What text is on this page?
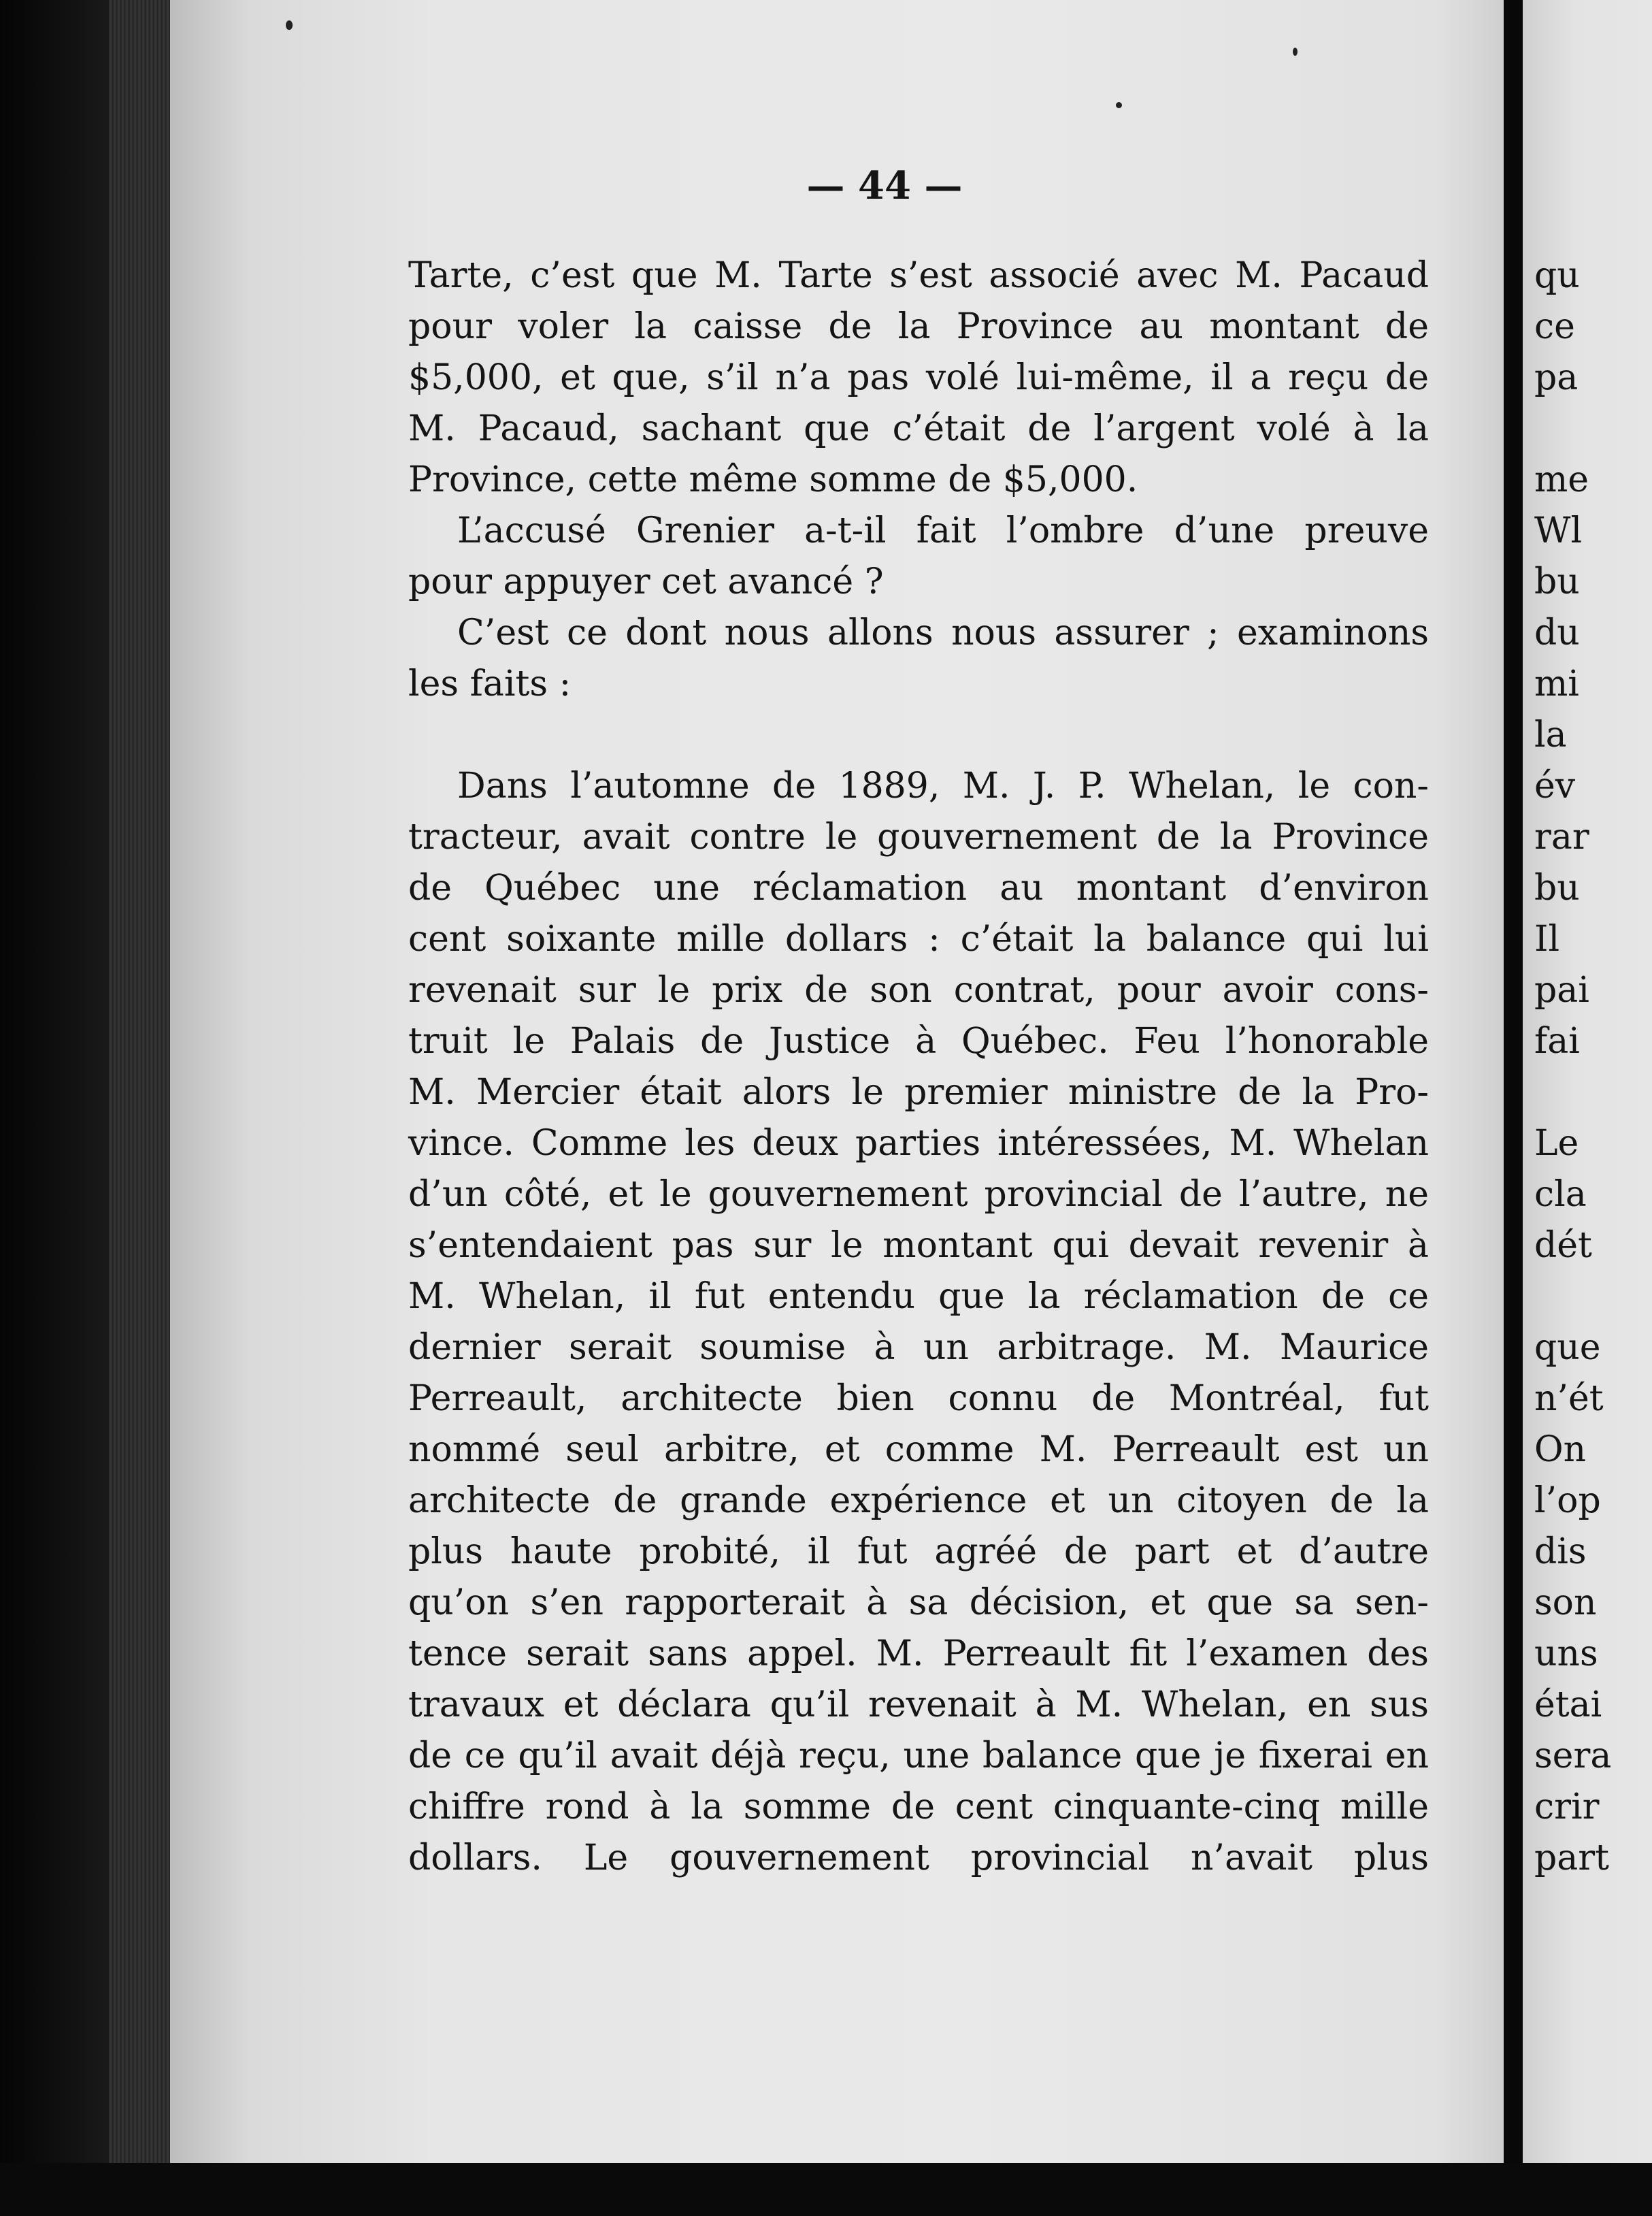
— 44 —
Tarte, c’est que M. Tarte s’est associé avec M. Pacaud
pour voler la caisse de la Province au montant de
$5,000, et que, s’il n’a pas volé lui-même, il a reçu de
M. Pacaud, sachant que c’était de l’argent volé à la
Province, cette même somme de $5,000.
L’accusé Grenier a-t-il fait l’ombre d’une preuve
pour appuyer cet avancé ?
C’est ce dont nous allons nous assurer ; examinons
les faits :
Dans l’automne de 1889, M. J. P. Whelan, le con-
tracteur, avait contre le gouvernement de la Province
de Québec une réclamation au montant d’environ
cent soixante mille dollars : c’était la balance qui lui
revenait sur le prix de son contrat, pour avoir cons-
truit le Palais de Justice à Québec. Feu l’honorable
M. Mercier était alors le premier ministre de la Pro-
vince. Comme les deux parties intéressées, M. Whelan
d’un côté, et le gouvernement provincial de l’autre, ne
s’entendaient pas sur le montant qui devait revenir à
M. Whelan, il fut entendu que la réclamation de ce
dernier serait soumise à un arbitrage. M. Maurice
Perreault, architecte bien connu de Montréal, fut
nommé seul arbitre, et comme M. Perreault est un
architecte de grande expérience et un citoyen de la
plus haute probité, il fut agréé de part et d’autre
qu’on s’en rapporterait à sa décision, et que sa sen-
tence serait sans appel. M. Perreault fit l’examen des
travaux et déclara qu’il revenait à M. Whelan, en sus
de ce qu’il avait déjà reçu, une balance que je fixerai en
chiffre rond à la somme de cent cinquante-cinq mille
dollars. Le gouvernement provincial n’avait plus
qu
ce
pa
me
Wl
bu
du
mi
la
év
rar
bu
Il
pai
fai
Le
cla
dét
que
n’ét
On
l’op
dis
son
uns
étai
sera
crir
part
